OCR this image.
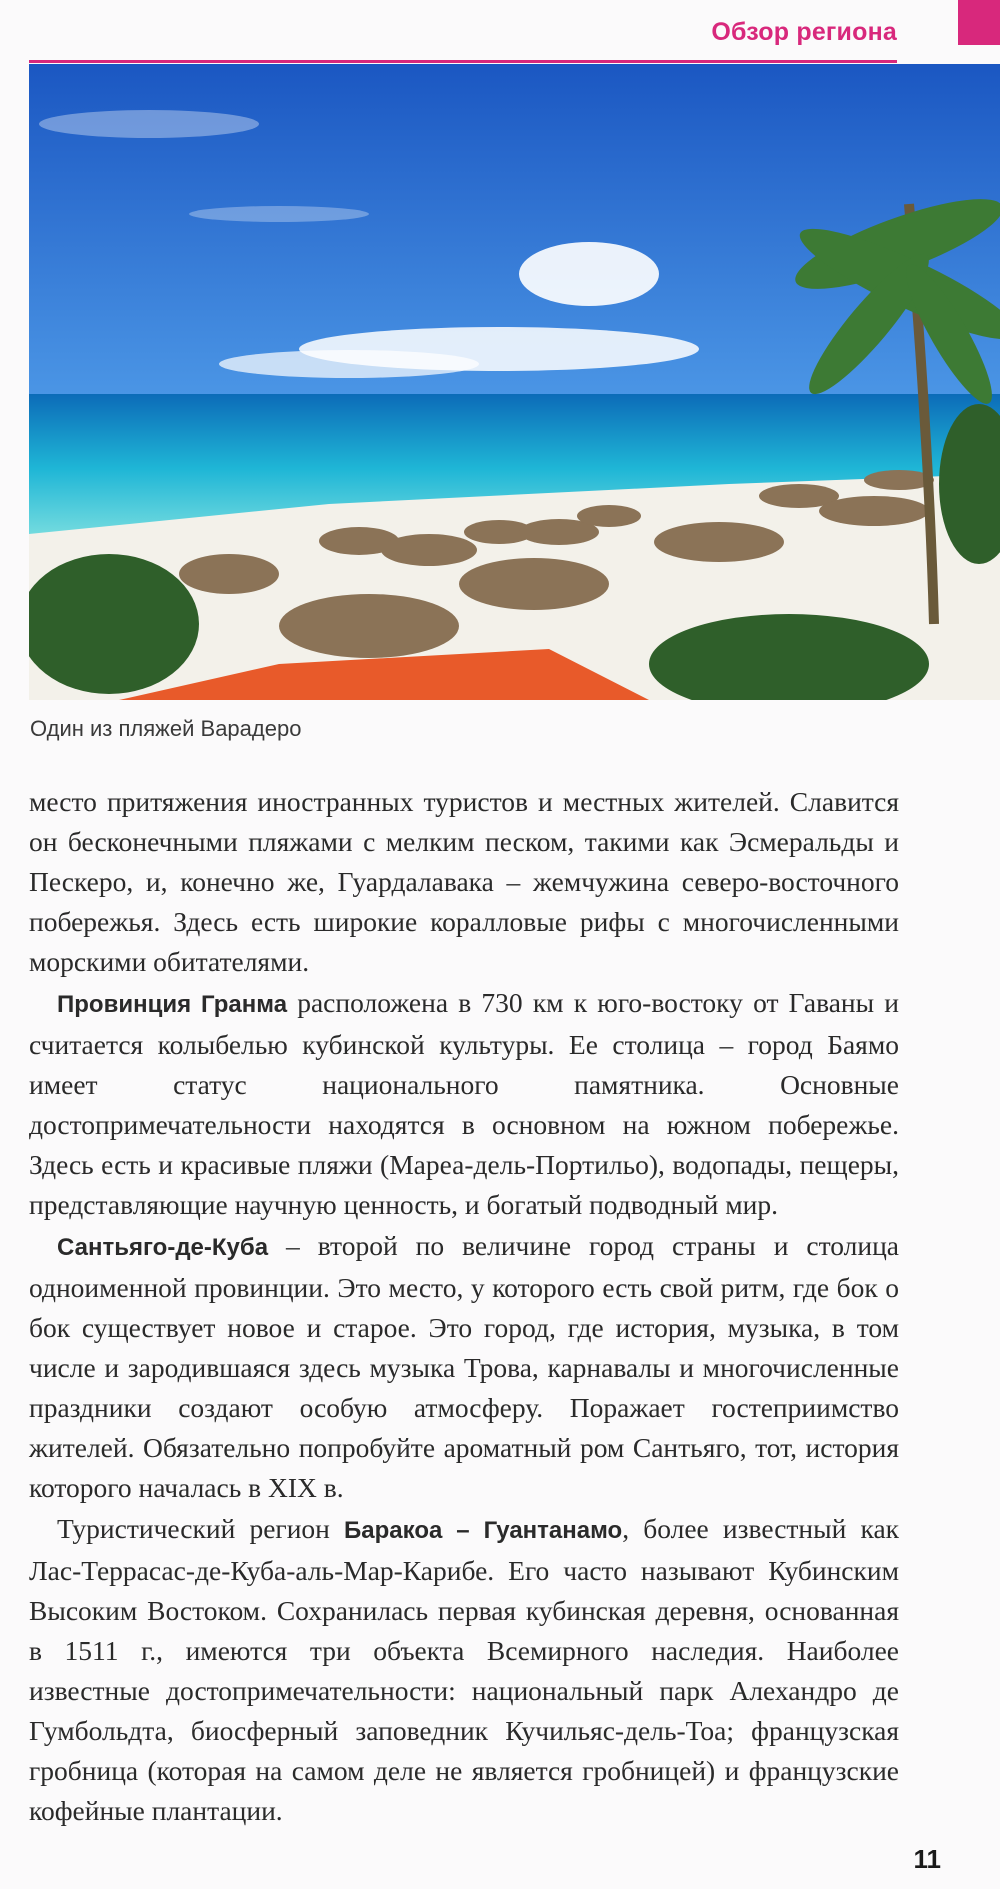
Обзор региона
Один из пляжей Варадеро

место притяжения иностранных туристов и местных жителей. Славится он бесконечными пляжами с мелким песком, такими как Эсмеральды и Пескеро, и, конечно же, Гуардалавака – жемчужина северо-восточного побережья. Здесь есть широкие коралловые рифы с многочисленными морскими обитателями.

Провинция Гранма расположена в 730 км к юго-востоку от Гаваны и считается колыбелью кубинской культуры. Ее столица – город Баямо имеет статус национального памятника. Основные достопримечательности находятся в основном на южном побережье. Здесь есть и красивые пляжи (Мареа-дель-Портильо), водопады, пещеры, представляющие научную ценность, и богатый подводный мир.

Сантьяго-де-Куба – второй по величине город страны и столица одноименной провинции. Это место, у которого есть свой ритм, где бок о бок существует новое и старое. Это город, где история, музыка, в том числе и зародившаяся здесь музыка Трова, карнавалы и многочисленные праздники создают особую атмосферу. Поражает гостеприимство жителей. Обязательно попробуйте ароматный ром Сантьяго, тот, история которого началась в XIX в.

Туристический регион Баракоа – Гуантанамо, более известный как Лас-Террасас-де-Куба-аль-Мар-Карибе. Его часто называют Кубинским Высоким Востоком. Сохранилась первая кубинская деревня, основанная в 1511 г., имеются три объекта Всемирного наследия. Наиболее известные достопримечательности: национальный парк Алехандро де Гумбольдта, биосферный заповедник Кучильяс-дель-Тоа; французская гробница (которая на самом деле не является гробницей) и французские кофейные плантации.

11
